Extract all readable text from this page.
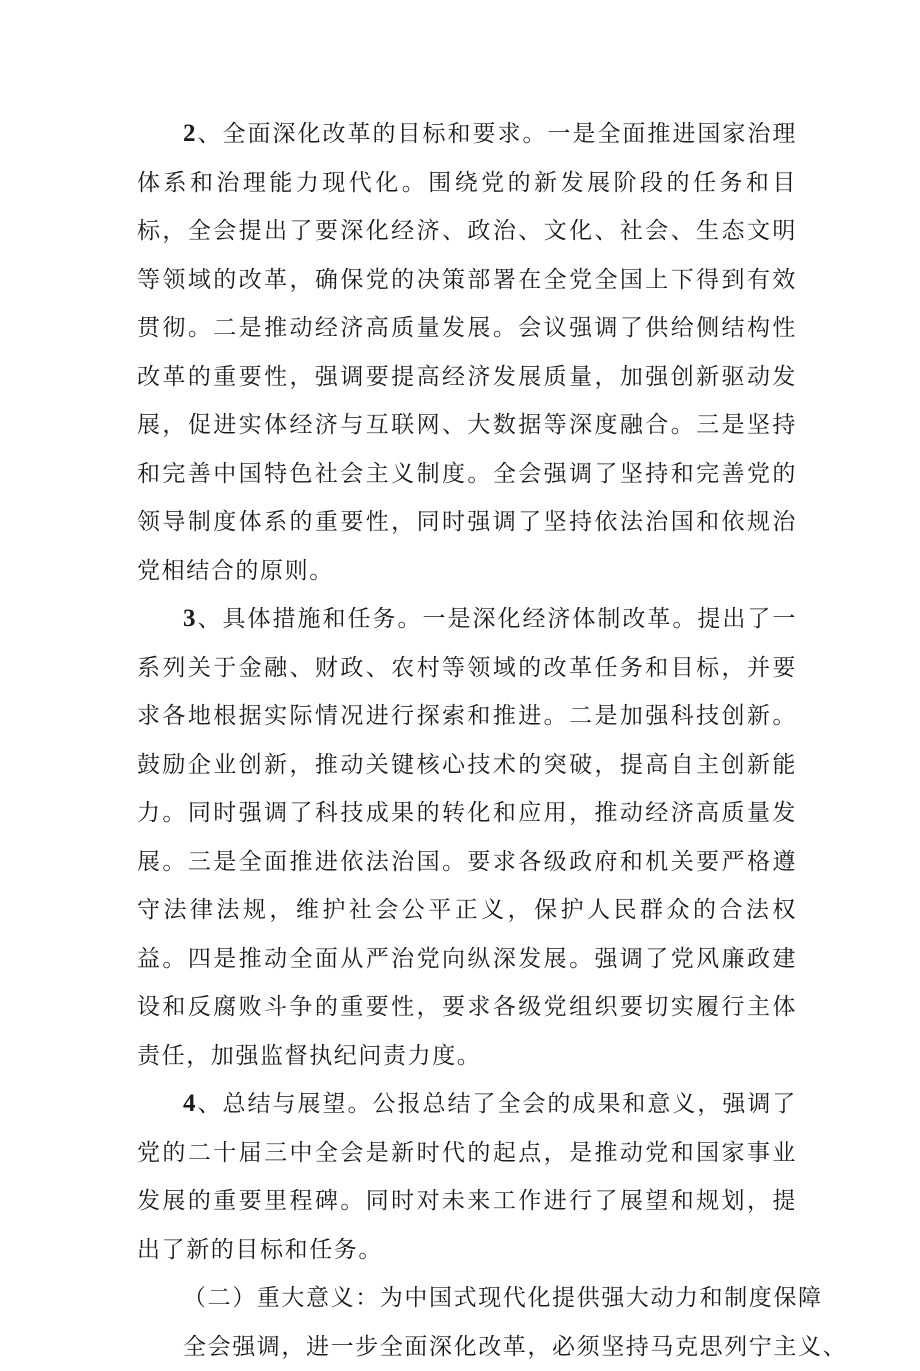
2、全面深化改革的目标和要求。一是全面推进国家治理体系和治理能力现代化。围绕党的新发展阶段的任务和目标，全会提出了要深化经济、政治、文化、社会、生态文明等领域的改革，确保党的决策部署在全党全国上下得到有效贯彻。二是推动经济高质量发展。会议强调了供给侧结构性改革的重要性，强调要提高经济发展质量，加强创新驱动发展，促进实体经济与互联网、大数据等深度融合。三是坚持和完善中国特色社会主义制度。全会强调了坚持和完善党的领导制度体系的重要性，同时强调了坚持依法治国和依规治党相结合的原则。

3、具体措施和任务。一是深化经济体制改革。提出了一系列关于金融、财政、农村等领域的改革任务和目标，并要求各地根据实际情况进行探索和推进。二是加强科技创新。鼓励企业创新，推动关键核心技术的突破，提高自主创新能力。同时强调了科技成果的转化和应用，推动经济高质量发展。三是全面推进依法治国。要求各级政府和机关要严格遵守法律法规，维护社会公平正义，保护人民群众的合法权益。四是推动全面从严治党向纵深发展。强调了党风廉政建设和反腐败斗争的重要性，要求各级党组织要切实履行主体责任，加强监督执纪问责力度。

4、总结与展望。公报总结了全会的成果和意义，强调了党的二十届三中全会是新时代的起点，是推动党和国家事业发展的重要里程碑。同时对未来工作进行了展望和规划，提出了新的目标和任务。

（二）重大意义：为中国式现代化提供强大动力和制度保障

全会强调，进一步全面深化改革，必须坚持马克思列宁主义、
